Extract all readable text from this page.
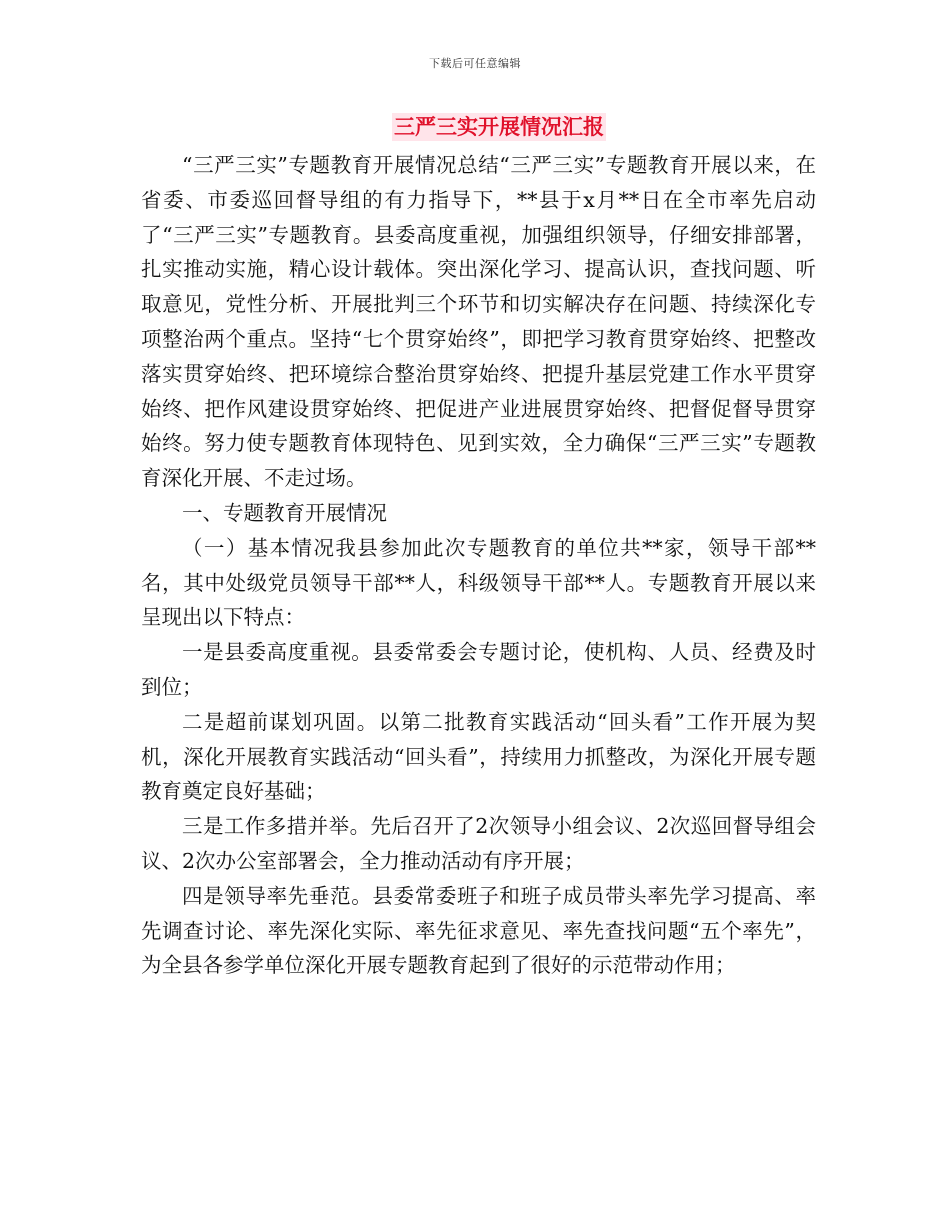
下载后可任意编辑
三严三实开展情况汇报

“三严三实”专题教育开展情况总结“三严三实”专题教育开展以来，在省委、市委巡回督导组的有力指导下，**县于x月**日在全市率先启动了“三严三实”专题教育。县委高度重视，加强组织领导，仔细安排部署，扎实推动实施，精心设计载体。突出深化学习、提高认识，查找问题、听取意见，党性分析、开展批判三个环节和切实解决存在问题、持续深化专项整治两个重点。坚持“七个贯穿始终”，即把学习教育贯穿始终、把整改落实贯穿始终、把环境综合整治贯穿始终、把提升基层党建工作水平贯穿始终、把作风建设贯穿始终、把促进产业进展贯穿始终、把督促督导贯穿始终。努力使专题教育体现特色、见到实效，全力确保“三严三实”专题教育深化开展、不走过场。

一、专题教育开展情况

（一）基本情况我县参加此次专题教育的单位共**家，领导干部**名，其中处级党员领导干部**人，科级领导干部**人。专题教育开展以来呈现出以下特点：

一是县委高度重视。县委常委会专题讨论，使机构、人员、经费及时到位；

二是超前谋划巩固。以第二批教育实践活动“回头看”工作开展为契机，深化开展教育实践活动“回头看”，持续用力抓整改，为深化开展专题教育奠定良好基础；

三是工作多措并举。先后召开了2次领导小组会议、2次巡回督导组会议、2次办公室部署会，全力推动活动有序开展；

四是领导率先垂范。县委常委班子和班子成员带头率先学习提高、率先调查讨论、率先深化实际、率先征求意见、率先查找问题“五个率先”，为全县各参学单位深化开展专题教育起到了很好的示范带动作用；
